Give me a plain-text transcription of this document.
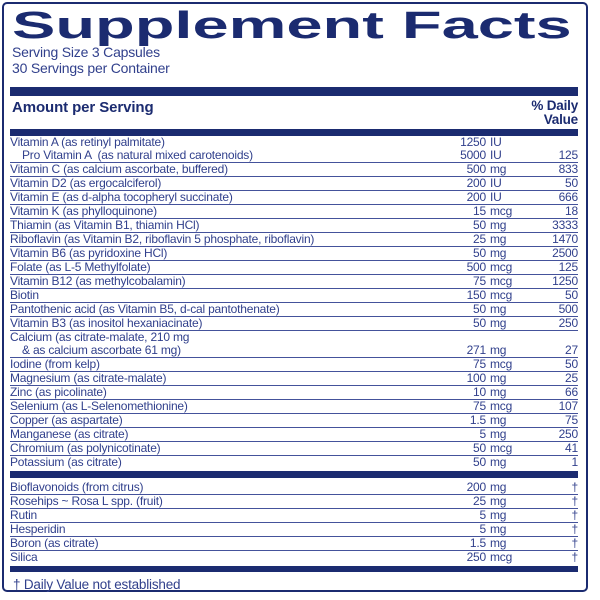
Supplement Facts
Serving Size 3 Capsules
30 Servings per Container
Amount per Serving	% Daily
Value
Vitamin A (as retinyl palmitate)	1250 IU
Pro Vitamin A  (as natural mixed carotenoids)	5000 IU	125
Vitamin C (as calcium ascorbate, buffered)	500 mg	833
Vitamin D2 (as ergocalciferol)	200 IU	50
Vitamin E (as d-alpha tocopheryl succinate)	200 IU	666
Vitamin K (as phylloquinone)	15 mcg	18
Thiamin (as Vitamin B1, thiamin HCl)	50 mg	3333
Riboflavin (as Vitamin B2, riboflavin 5 phosphate, riboflavin)	25 mg	1470
Vitamin B6 (as pyridoxine HCl)	50 mg	2500
Folate (as L-5 Methylfolate)	500 mcg	125
Vitamin B12 (as methylcobalamin)	75 mcg	1250
Biotin	150 mcg	50
Pantothenic acid (as Vitamin B5, d-cal pantothenate)	50 mg	500
Vitamin B3 (as inositol hexaniacinate)	50 mg	250
Calcium (as citrate-malate, 210 mg
& as calcium ascorbate 61 mg)	271 mg	27
Iodine (from kelp)	75 mcg	50
Magnesium (as citrate-malate)	100 mg	25
Zinc (as picolinate)	10 mg	66
Selenium (as L-Selenomethionine)	75 mcg	107
Copper (as aspartate)	1.5 mg	75
Manganese (as citrate)	5 mg	250
Chromium (as polynicotinate)	50 mcg	41
Potassium (as citrate)	50 mg	1
Bioflavonoids (from citrus)	200 mg	†
Rosehips ~ Rosa L spp. (fruit)	25 mg	†
Rutin	5 mg	†
Hesperidin	5 mg	†
Boron (as citrate)	1.5 mg	†
Silica	250 mcg	†
† Daily Value not established
